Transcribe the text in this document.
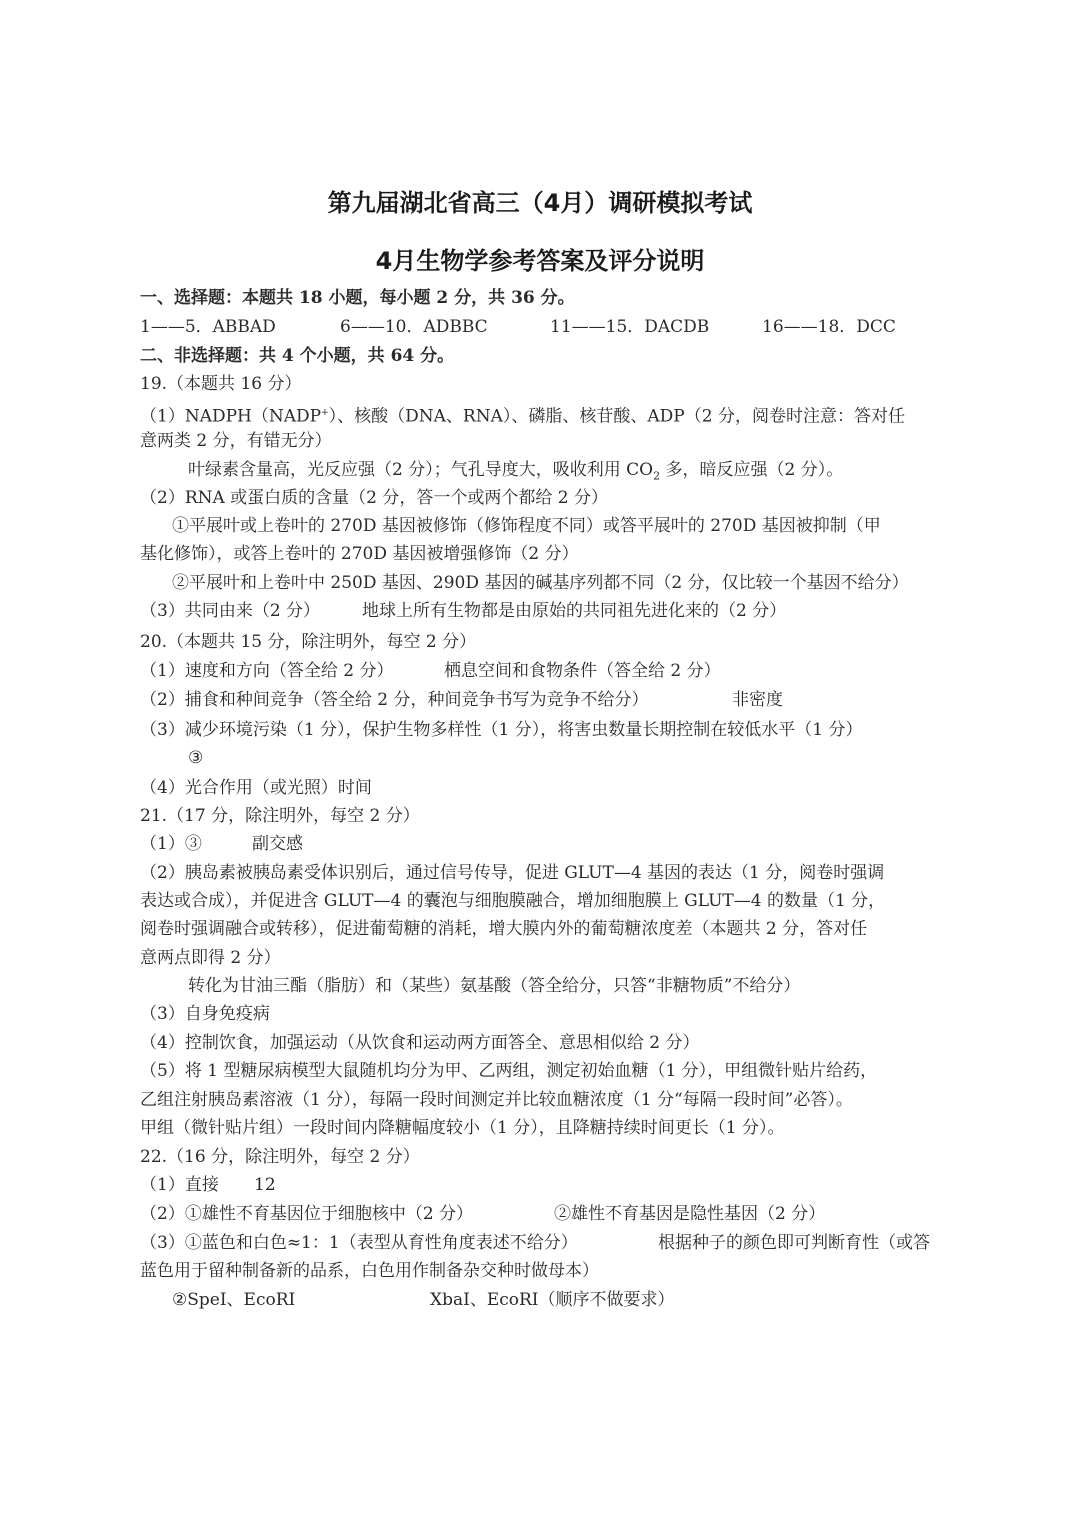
第九届湖北省高三（4月）调研模拟考试
4月生物学参考答案及评分说明
一、选择题：本题共 18 小题，每小题 2 分，共 36 分。
1——5．ABBAD	6——10．ADBBC	11——15．DACDB	16——18．DCC
二、非选择题：共 4 个小题，共 64 分。
19.（本题共 16 分）
（1）NADPH（NADP+）、核酸（DNA、RNA）、磷脂、核苷酸、ADP（2 分，阅卷时注意：答对任
意两类 2 分，有错无分）
叶绿素含量高，光反应强（2 分）；气孔导度大，吸收利用 $CO_2$ 多，暗反应强（2 分）。
（2）RNA 或蛋白质的含量（2 分，答一个或两个都给 2 分）
①平展叶或上卷叶的 270D 基因被修饰（修饰程度不同）或答平展叶的 270D 基因被抑制（甲
基化修饰），或答上卷叶的 270D 基因被增强修饰（2 分）
②平展叶和上卷叶中 250D 基因、290D 基因的碱基序列都不同（2 分，仅比较一个基因不给分）
（3）共同由来（2 分） 地球上所有生物都是由原始的共同祖先进化来的（2 分）
20.（本题共 15 分，除注明外，每空 2 分）
（1）速度和方向（答全给 2 分）	栖息空间和食物条件（答全给 2 分）
（2）捕食和种间竞争（答全给 2 分，种间竞争书写为竞争不给分）	非密度
（3）减少环境污染（1 分），保护生物多样性（1 分），将害虫数量长期控制在较低水平（1 分）
③
（4）光合作用（或光照）时间
21.（17 分，除注明外，每空 2 分）
（1）③	副交感
（2）胰岛素被胰岛素受体识别后，通过信号传导，促进 GLUT—4 基因的表达（1 分，阅卷时强调
表达或合成），并促进含 GLUT—4 的囊泡与细胞膜融合，增加细胞膜上 GLUT—4 的数量（1 分，
阅卷时强调融合或转移），促进葡萄糖的消耗，增大膜内外的葡萄糖浓度差（本题共 2 分，答对任
意两点即得 2 分）
转化为甘油三酯（脂肪）和（某些）氨基酸（答全给分，只答“非糖物质”不给分）
（3）自身免疫病
（4）控制饮食，加强运动（从饮食和运动两方面答全、意思相似给 2 分）
（5）将 1 型糖尿病模型大鼠随机均分为甲、乙两组，测定初始血糖（1 分），甲组微针贴片给药，
乙组注射胰岛素溶液（1 分），每隔一段时间测定并比较血糖浓度（1 分“每隔一段时间”必答）。
甲组（微针贴片组）一段时间内降糖幅度较小（1 分），且降糖持续时间更长（1 分）。
22.（16 分，除注明外，每空 2 分）
（1）直接 12
（2）①雄性不育基因位于细胞核中（2 分）	②雄性不育基因是隐性基因（2 分）
（3）①蓝色和白色≈1：1（表型从育性角度表述不给分）	根据种子的颜色即可判断育性（或答
蓝色用于留种制备新的品系，白色用作制备杂交种时做母本）
②SpeⅠ、EcoRⅠ	XbaⅠ、EcoRⅠ（顺序不做要求）
